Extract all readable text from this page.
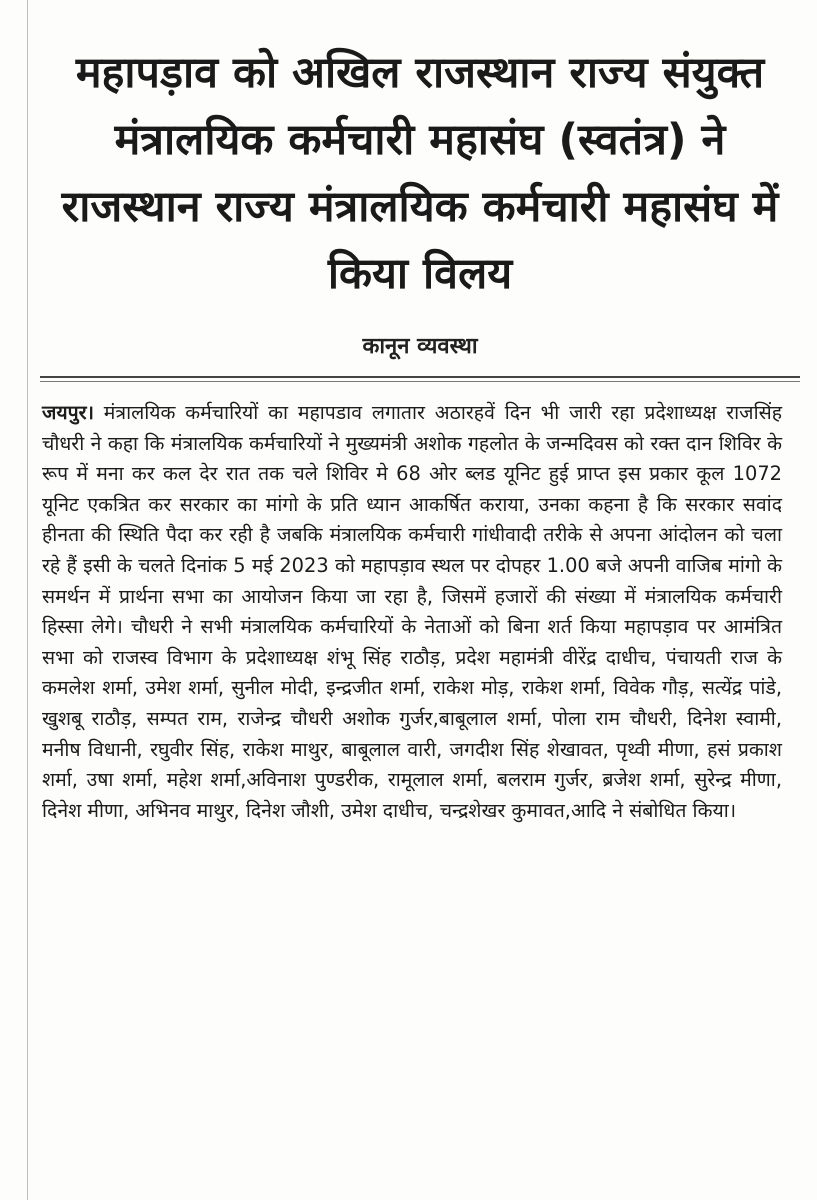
महापड़ाव को अखिल राजस्थान राज्य संयुक्त मंत्रालयिक कर्मचारी महासंघ (स्वतंत्र) ने राजस्थान राज्य मंत्रालयिक कर्मचारी महासंघ में किया विलय
कानून व्यवस्था

जयपुर। मंत्रालयिक कर्मचारियों का महापडाव लगातार अठारहवें दिन भी जारी रहा प्रदेशाध्यक्ष राजसिंह चौधरी ने कहा कि मंत्रालयिक कर्मचारियों ने मुख्यमंत्री अशोक गहलोत के जन्मदिवस को रक्त दान शिविर के रूप में मना कर कल देर रात तक चले शिविर मे 68 ओर ब्लड यूनिट हुई प्राप्त इस प्रकार कूल 1072 यूनिट एकत्रित कर सरकार का मांगो के प्रति ध्यान आकर्षित कराया, उनका कहना है कि सरकार सवांद हीनता की स्थिति पैदा कर रही है जबकि मंत्रालयिक कर्मचारी गांधीवादी तरीके से अपना आंदोलन को चला रहे हैं इसी के चलते दिनांक 5 मई 2023 को महापड़ाव स्थल पर दोपहर 1.00 बजे अपनी वाजिब मांगो के समर्थन में प्रार्थना सभा का आयोजन किया जा रहा है, जिसमें हजारों की संख्या में मंत्रालयिक कर्मचारी हिस्सा लेगे। चौधरी ने सभी मंत्रालयिक कर्मचारियों के नेताओं को बिना शर्त किया महापड़ाव पर आमंत्रित सभा को राजस्व विभाग के प्रदेशाध्यक्ष शंभू सिंह राठौड़, प्रदेश महामंत्री वीरेंद्र दाधीच, पंचायती राज के कमलेश शर्मा, उमेश शर्मा, सुनील मोदी, इन्द्रजीत शर्मा, राकेश मोड़, राकेश शर्मा, विवेक गौड़, सत्येंद्र पांडे, खुशबू राठौड़, सम्पत राम, राजेन्द्र चौधरी अशोक गुर्जर,बाबूलाल शर्मा, पोला राम चौधरी, दिनेश स्वामी, मनीष विधानी, रघुवीर सिंह, राकेश माथुर, बाबूलाल वारी, जगदीश सिंह शेखावत, पृथ्वी मीणा, हसं प्रकाश शर्मा, उषा शर्मा, महेश शर्मा,अविनाश पुण्डरीक, रामूलाल शर्मा, बलराम गुर्जर, ब्रजेश शर्मा, सुरेन्द्र मीणा, दिनेश मीणा, अभिनव माथुर, दिनेश जौशी, उमेश दाधीच, चन्द्रशेखर कुमावत,आदि ने संबोधित किया।
